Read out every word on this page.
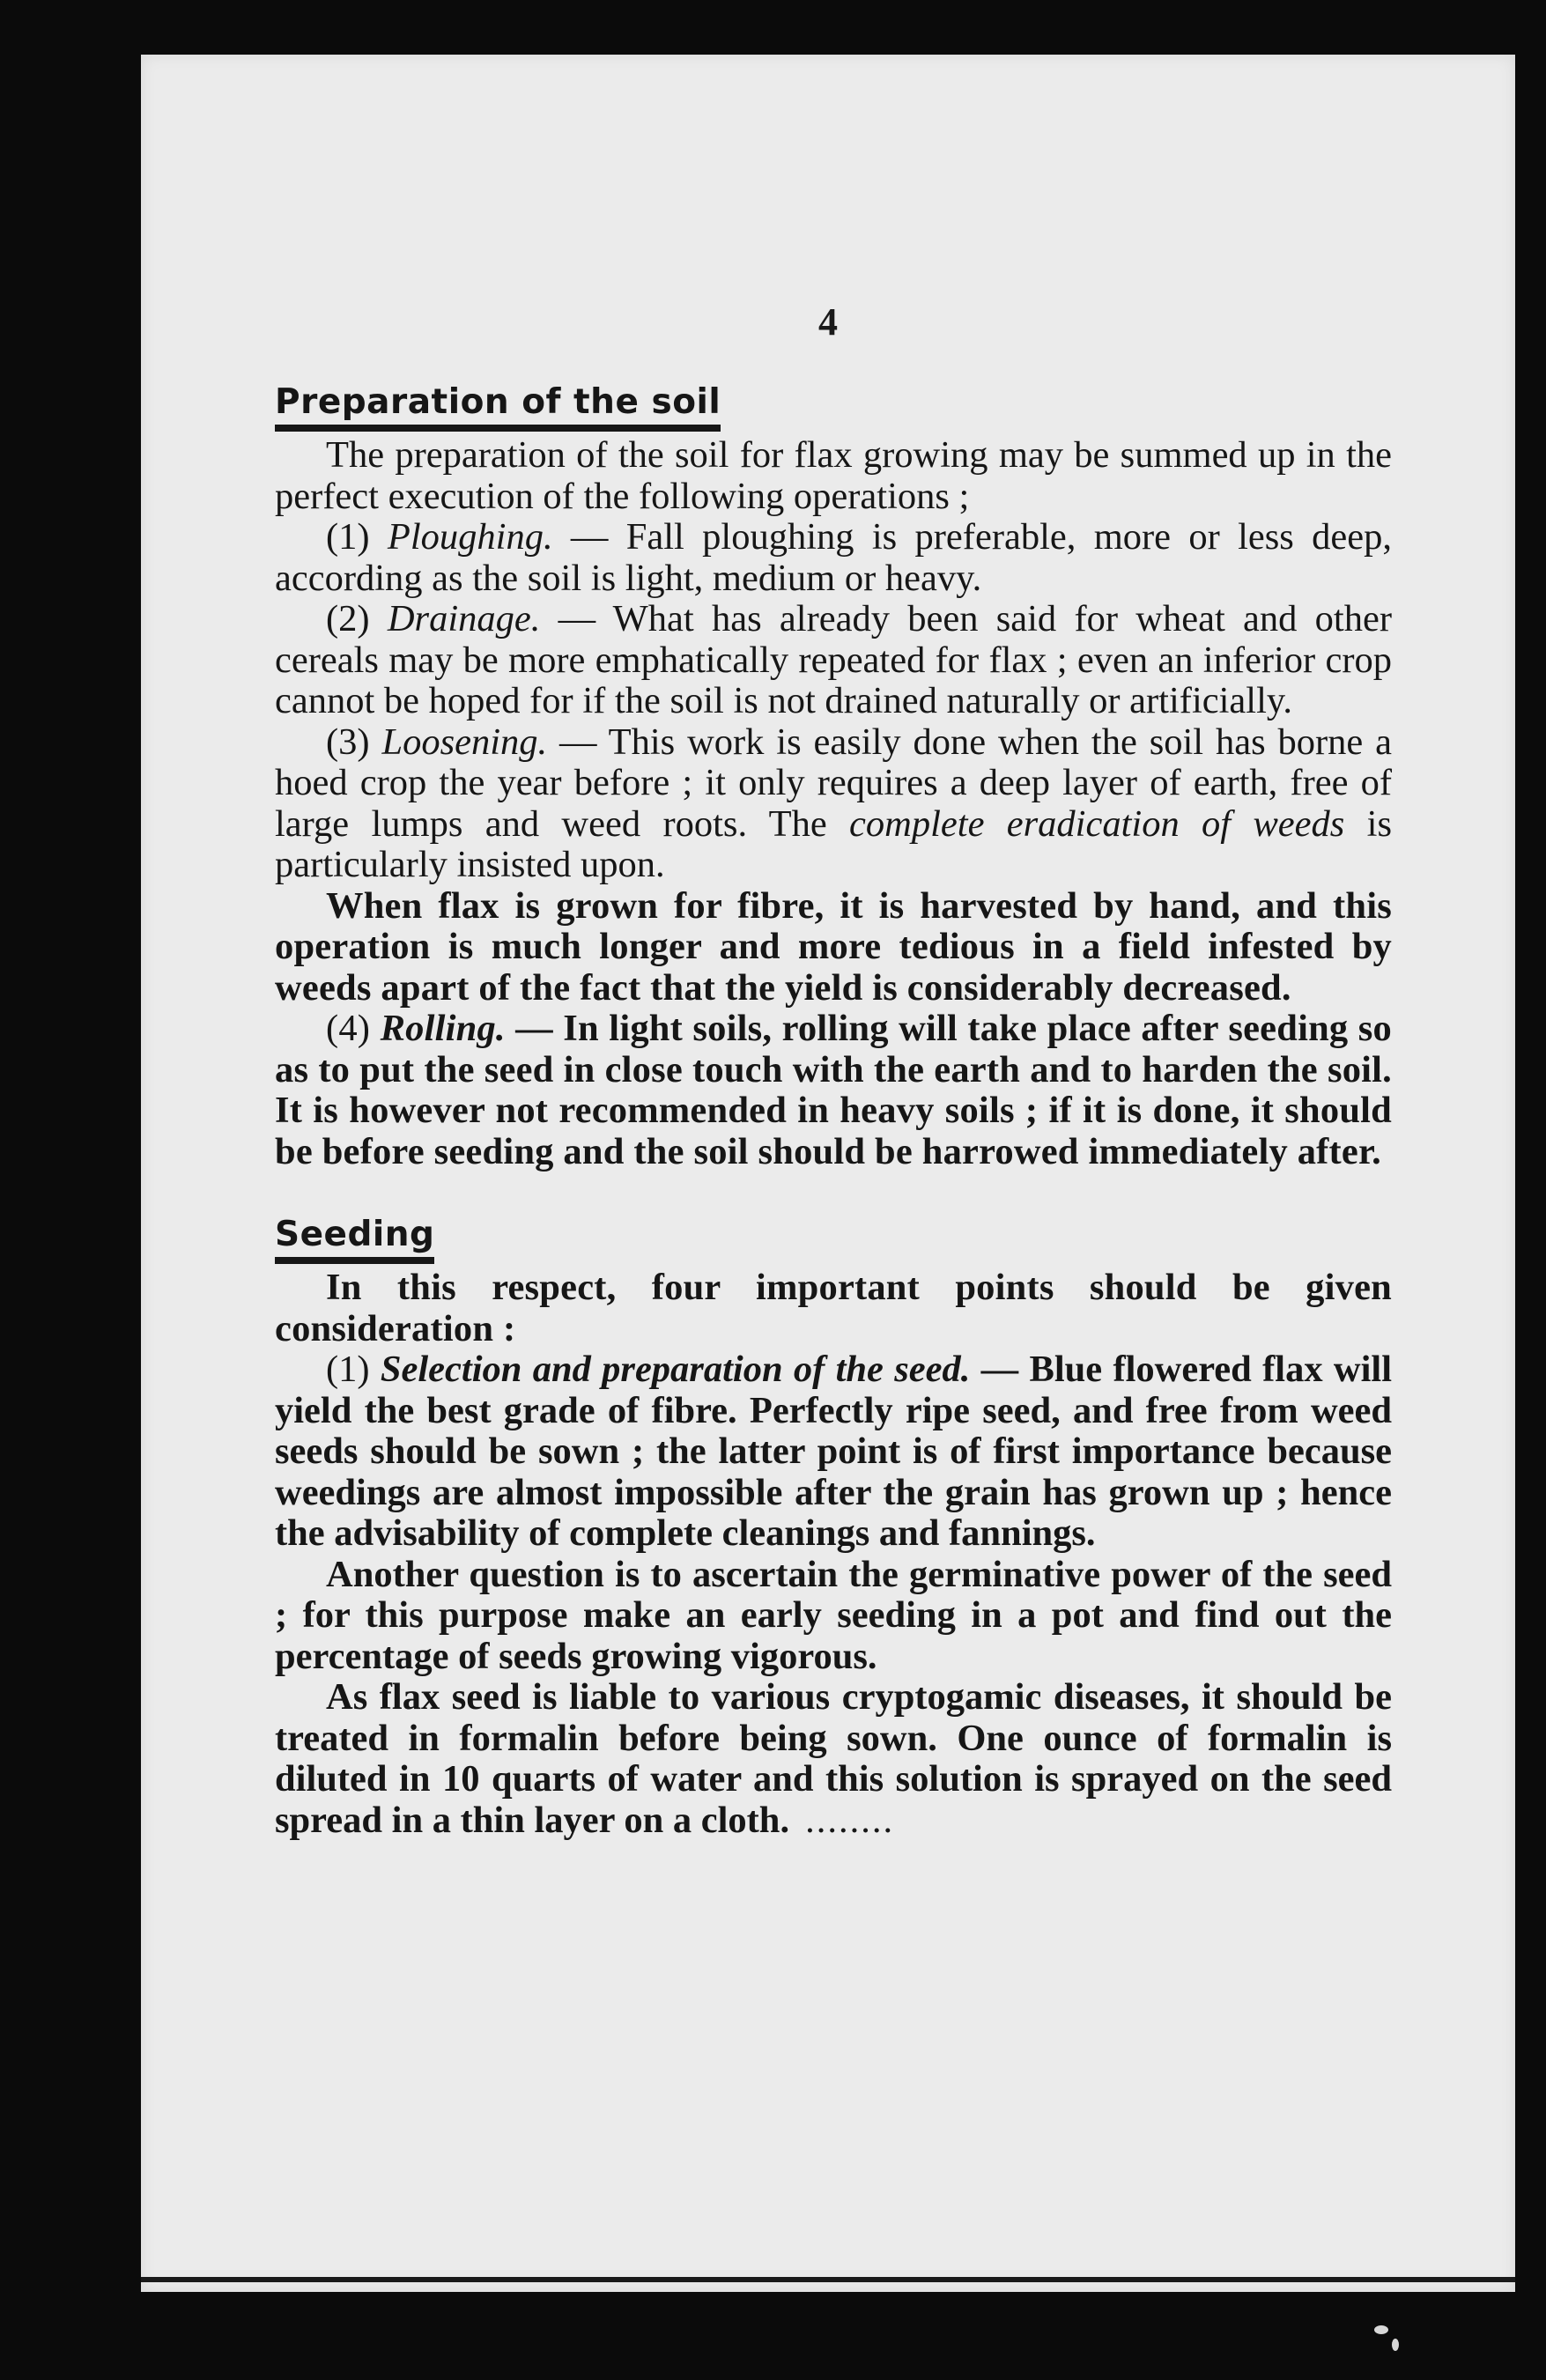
4
Preparation of the soil

The preparation of the soil for flax growing may be summed up in the perfect execution of the following operations ;

(1) Ploughing. — Fall ploughing is preferable, more or less deep, according as the soil is light, medium or heavy.

(2) Drainage. — What has already been said for wheat and other cereals may be more emphatically repeated for flax ; even an inferior crop cannot be hoped for if the soil is not drained naturally or artificially.

(3) Loosening. — This work is easily done when the soil has borne a hoed crop the year before ; it only requires a deep layer of earth, free of large lumps and weed roots. The complete eradication of weeds is particularly insisted upon.

When flax is grown for fibre, it is harvested by hand, and this operation is much longer and more tedious in a field infested by weeds apart of the fact that the yield is considerably decreased.

(4) Rolling. — In light soils, rolling will take place after seeding so as to put the seed in close touch with the earth and to harden the soil. It is however not recommended in heavy soils ; if it is done, it should be before seeding and the soil should be harrowed immediately after.

Seeding

In this respect, four important points should be given consideration :

(1) Selection and preparation of the seed. — Blue flowered flax will yield the best grade of fibre. Perfectly ripe seed, and free from weed seeds should be sown ; the latter point is of first importance because weedings are almost impossible after the grain has grown up ; hence the advisability of complete cleanings and fannings.

Another question is to ascertain the germinative power of the seed ; for this purpose make an early seeding in a pot and find out the percentage of seeds growing vigorous.

As flax seed is liable to various cryptogamic diseases, it should be treated in formalin before being sown. One ounce of formalin is diluted in 10 quarts of water and this solution is sprayed on the seed spread in a thin layer on a cloth. ........
